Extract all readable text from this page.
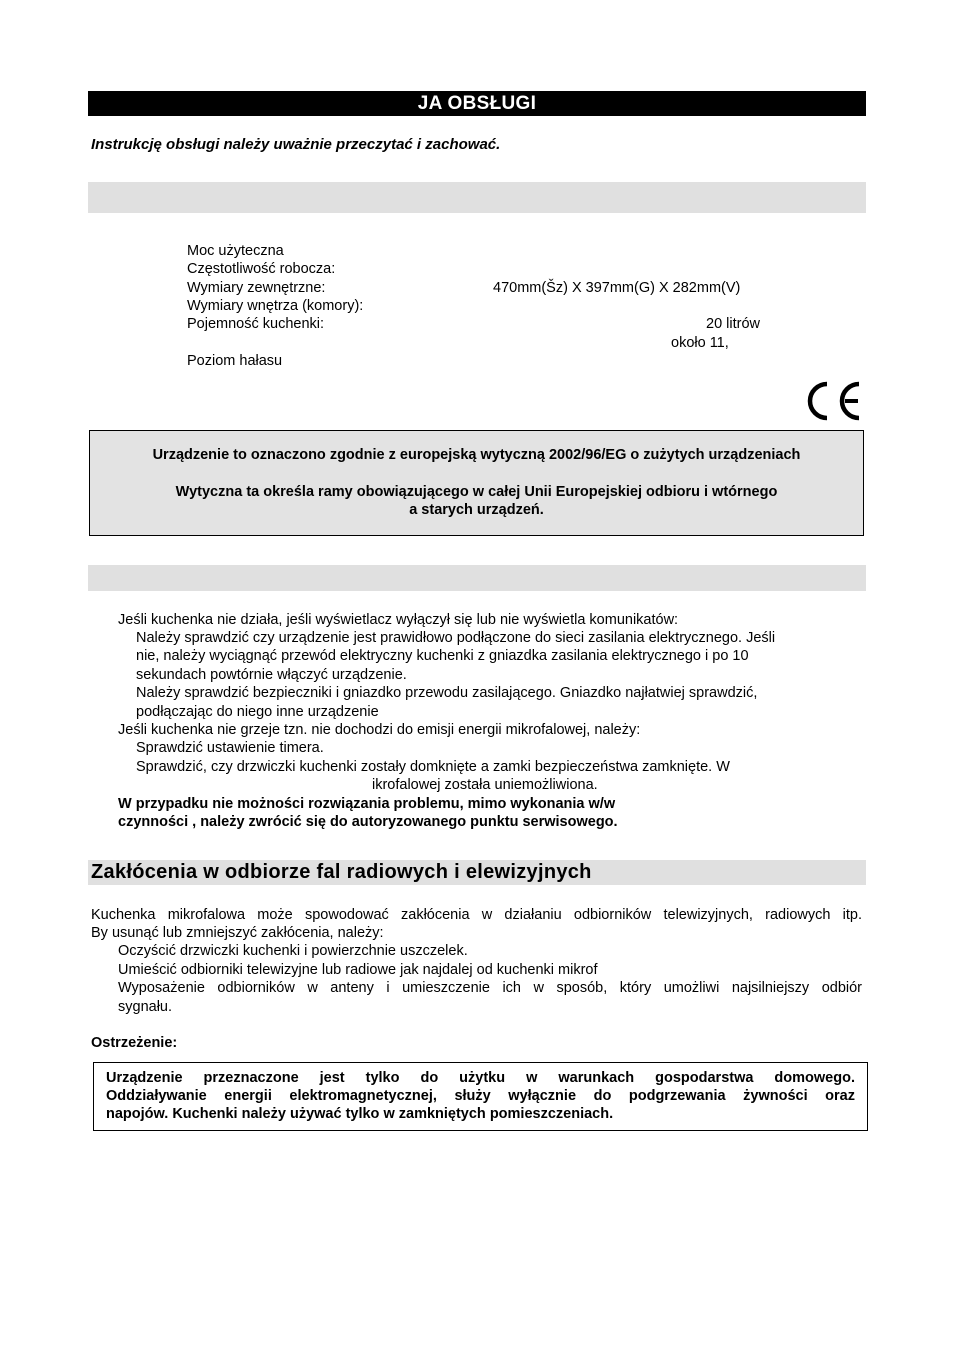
JA OBSŁUGI
Instrukcję obsługi należy uważnie przeczytać i zachować.
Moc użyteczna
Częstotliwość robocza:
Wymiary zewnętrzne:	470mm(Šz) X 397mm(G) X 282mm(V)
Wymiary wnętrza (komory):
Pojemność kuchenki:	20 litrów
około 11,
Poziom hałasu
Urządzenie to oznaczono zgodnie z europejską wytyczną 2002/96/EG o zużytych urządzeniach
Wytyczna ta określa ramy obowiązującego w całej Unii Europejskiej odbioru i wtórnego
a starych urządzeń.
Jeśli kuchenka nie działa, jeśli wyświetlacz wyłączył się lub nie wyświetla komunikatów:
Należy sprawdzić czy urządzenie jest prawidłowo podłączone do sieci zasilania elektrycznego. Jeśli
nie, należy wyciągnąć przewód elektryczny kuchenki z gniazdka zasilania elektrycznego i po 10
sekundach powtórnie włączyć urządzenie.
Należy sprawdzić bezpieczniki i gniazdko przewodu zasilającego. Gniazdko najłatwiej sprawdzić,
podłączając do niego inne urządzenie
Jeśli kuchenka nie grzeje tzn. nie dochodzi do emisji energii mikrofalowej, należy:
Sprawdzić ustawienie timera.
Sprawdzić, czy drzwiczki kuchenki zostały domknięte a zamki bezpieczeństwa zamknięte. W
ikrofalowej została uniemożliwiona.
W przypadku nie możności rozwiązania problemu, mimo wykonania w/w
czynności , należy zwrócić się do autoryzowanego punktu serwisowego.
Zakłócenia w odbiorze fal radiowych i elewizyjnych
Kuchenka mikrofalowa może spowodować zakłócenia w działaniu odbiorników telewizyjnych, radiowych itp.
By usunąć lub zmniejszyć zakłócenia, należy:
Oczyścić drzwiczki kuchenki i powierzchnie uszczelek.
Umieścić odbiorniki telewizyjne lub radiowe jak najdalej od kuchenki mikrof
Wyposażenie odbiorników w anteny i umieszczenie ich w sposób, który umożliwi najsilniejszy odbiór
sygnału.
Ostrzeżenie:
Urządzenie przeznaczone jest tylko do użytku w warunkach gospodarstwa domowego.
Oddziaływanie energii elektromagnetycznej, służy wyłącznie do podgrzewania żywności oraz
napojów. Kuchenki należy używać tylko w zamkniętych pomieszczeniach.
